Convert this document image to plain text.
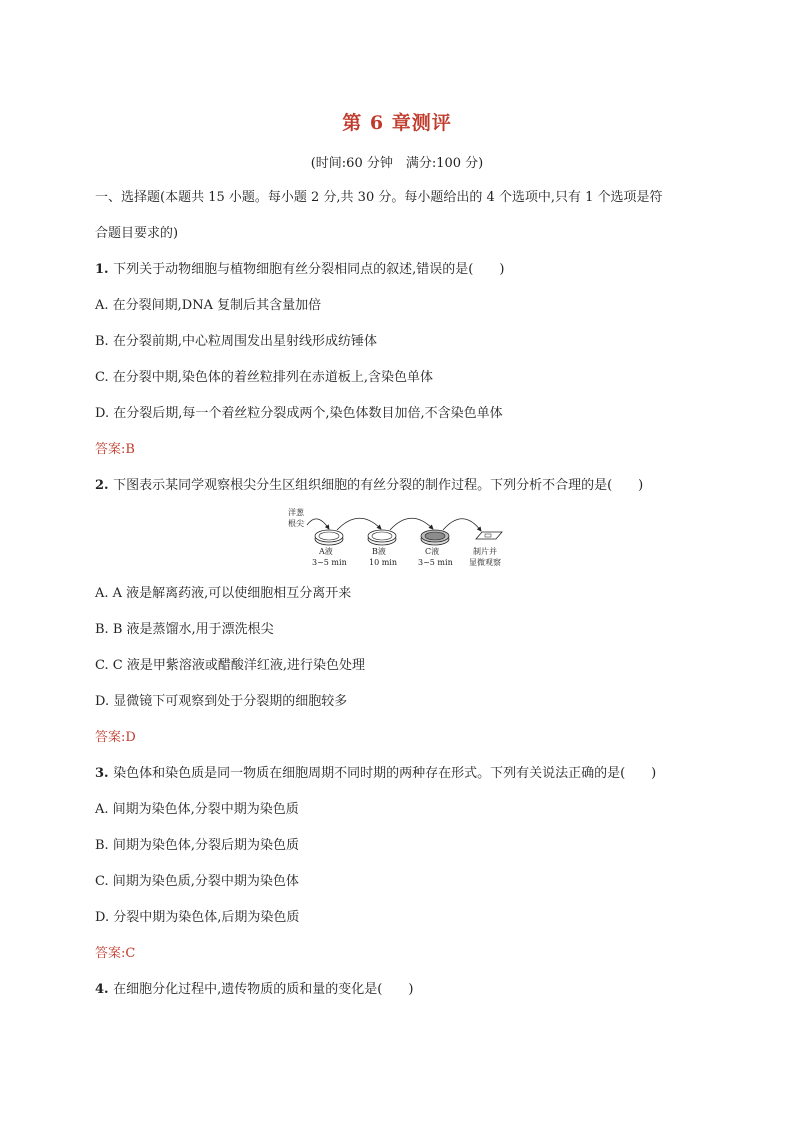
第 6 章测评
(时间:60 分钟　满分:100 分)
一、选择题(本题共 15 小题。每小题 2 分,共 30 分。每小题给出的 4 个选项中,只有 1 个选项是符
合题目要求的)
1. 下列关于动物细胞与植物细胞有丝分裂相同点的叙述,错误的是(　　)
A. 在分裂间期,DNA 复制后其含量加倍
B. 在分裂前期,中心粒周围发出星射线形成纺锤体
C. 在分裂中期,染色体的着丝粒排列在赤道板上,含染色单体
D. 在分裂后期,每一个着丝粒分裂成两个,染色体数目加倍,不含染色单体
答案:B
2. 下图表示某同学观察根尖分生区组织细胞的有丝分裂的制作过程。下列分析不合理的是(　　)
洋葱
根尖
A液
3~5 min
B液
10 min
C液
3~5 min
制片并
显微观察
A. A 液是解离药液,可以使细胞相互分离开来
B. B 液是蒸馏水,用于漂洗根尖
C. C 液是甲紫溶液或醋酸洋红液,进行染色处理
D. 显微镜下可观察到处于分裂期的细胞较多
答案:D
3. 染色体和染色质是同一物质在细胞周期不同时期的两种存在形式。下列有关说法正确的是(　　)
A. 间期为染色体,分裂中期为染色质
B. 间期为染色体,分裂后期为染色质
C. 间期为染色质,分裂中期为染色体
D. 分裂中期为染色体,后期为染色质
答案:C
4. 在细胞分化过程中,遗传物质的质和量的变化是(　　)
